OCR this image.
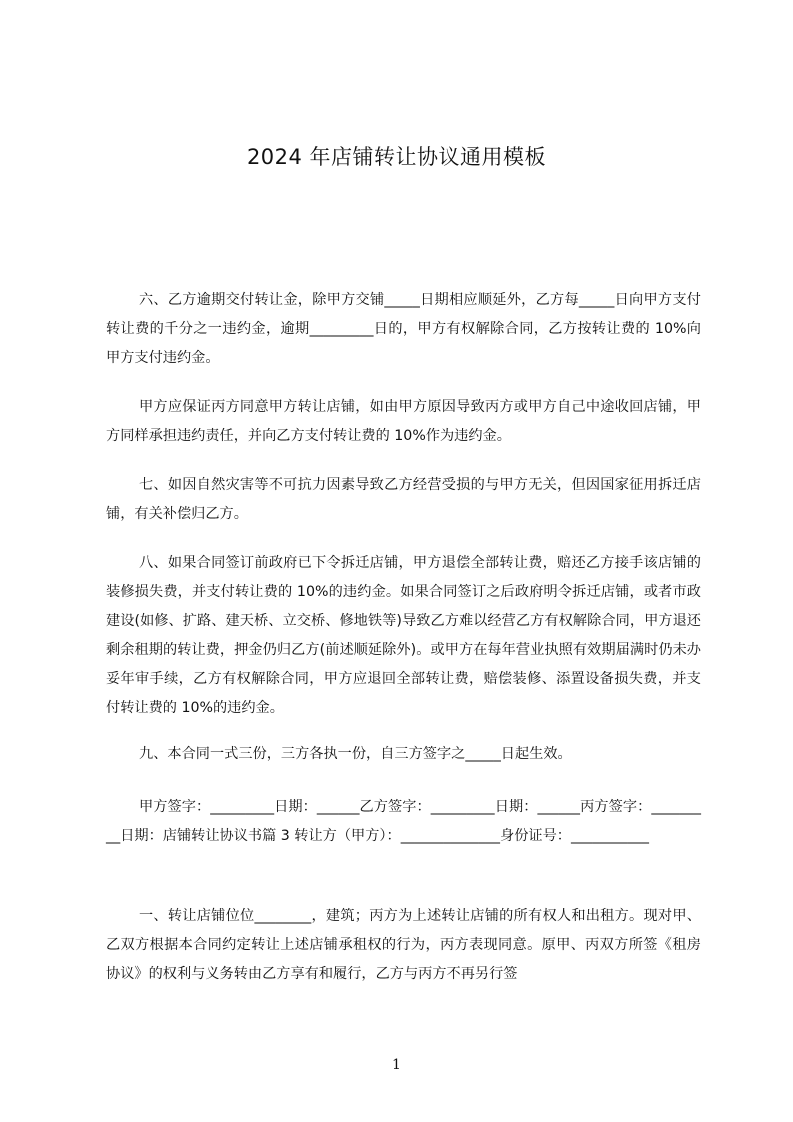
2024 年店铺转让协议通用模板

六、乙方逾期交付转让金，除甲方交铺_____日期相应顺延外，乙方每_____日向甲方支付转让费的千分之一违约金，逾期_________日的，甲方有权解除合同，乙方按转让费的 10%向甲方支付违约金。

甲方应保证丙方同意甲方转让店铺，如由甲方原因导致丙方或甲方自己中途收回店铺，甲方同样承担违约责任，并向乙方支付转让费的 10%作为违约金。

七、如因自然灾害等不可抗力因素导致乙方经营受损的与甲方无关，但因国家征用拆迁店铺，有关补偿归乙方。

八、如果合同签订前政府已下令拆迁店铺，甲方退偿全部转让费，赔还乙方接手该店铺的装修损失费，并支付转让费的 10%的违约金。如果合同签订之后政府明令拆迁店铺，或者市政建设(如修、扩路、建天桥、立交桥、修地铁等)导致乙方难以经营乙方有权解除合同，甲方退还剩余租期的转让费，押金仍归乙方(前述顺延除外)。或甲方在每年营业执照有效期届满时仍未办妥年审手续，乙方有权解除合同，甲方应退回全部转让费，赔偿装修、添置设备损失费，并支付转让费的 10%的违约金。

九、本合同一式三份，三方各执一份，自三方签字之_____日起生效。

甲方签字：_________日期：______乙方签字：_________日期：______丙方签字：_________日期：店铺转让协议书篇 3 转让方（甲方）：______________身份证号：___________

一、转让店铺位位________，建筑；丙方为上述转让店铺的所有权人和出租方。现对甲、乙双方根据本合同约定转让上述店铺承租权的行为，丙方表现同意。原甲、丙双方所签《租房协议》的权利与义务转由乙方享有和履行，乙方与丙方不再另行签

1
